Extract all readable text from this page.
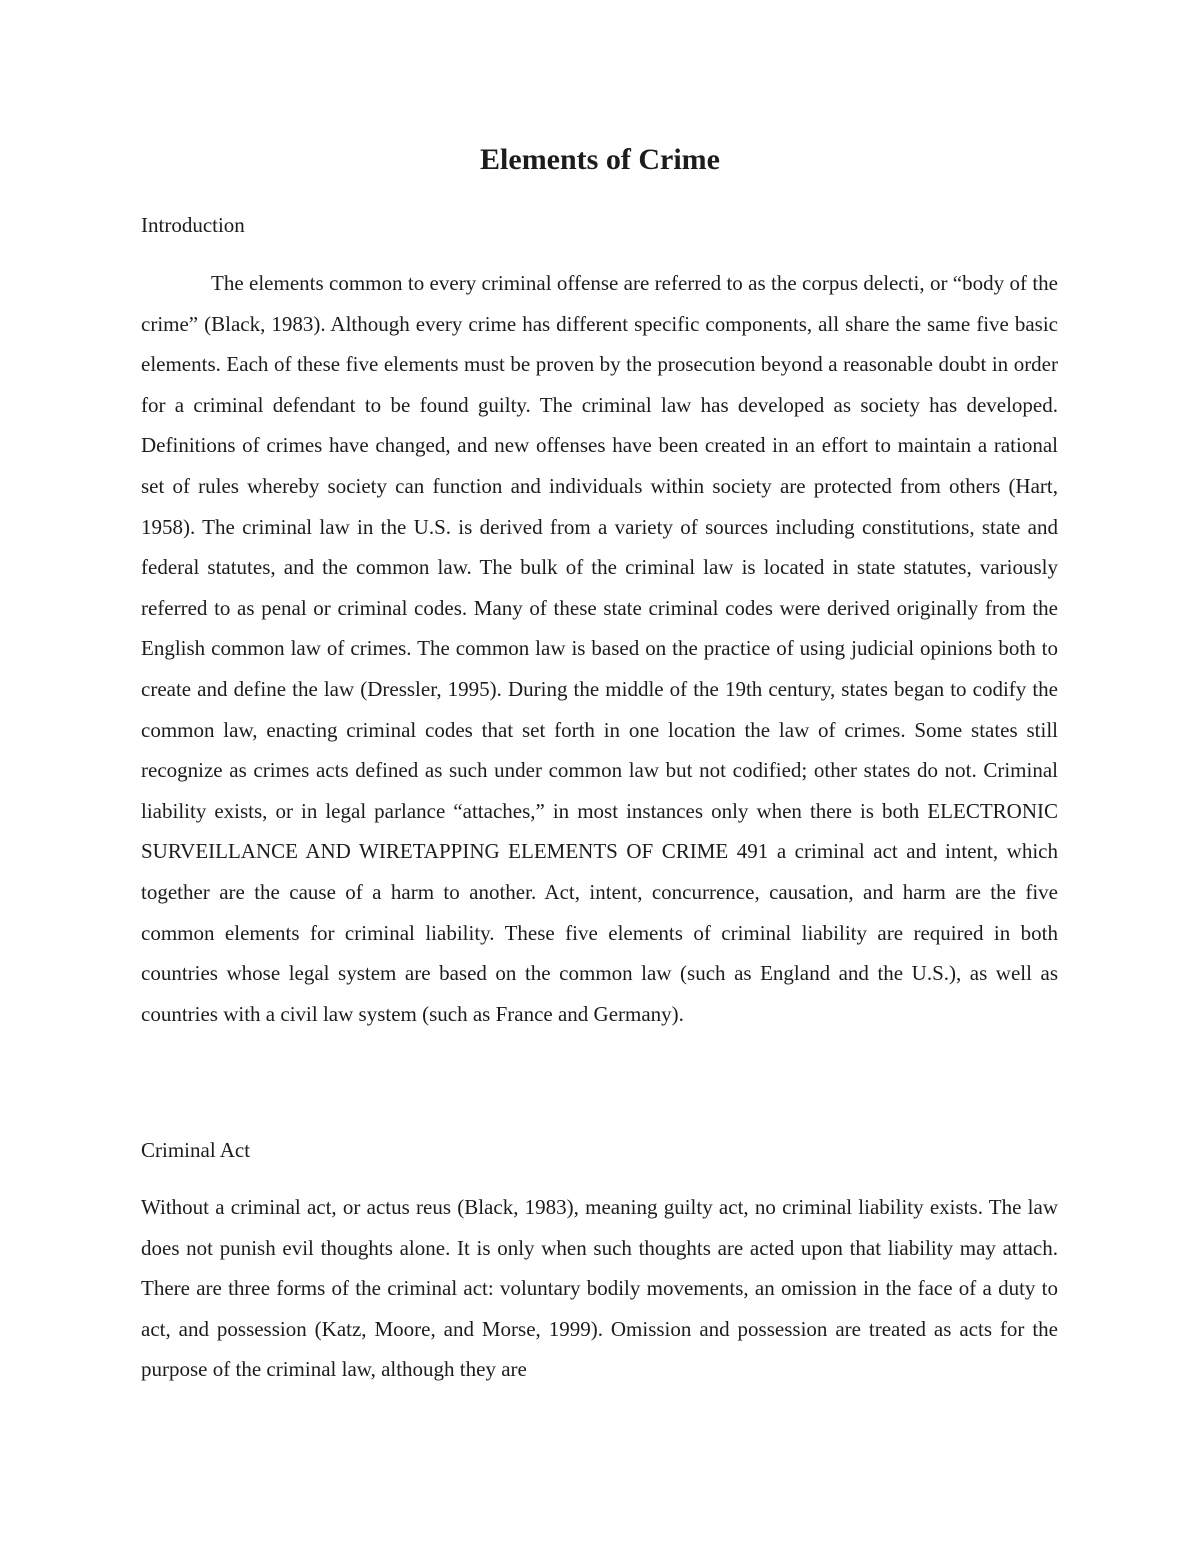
Elements of Crime
Introduction

The elements common to every criminal offense are referred to as the corpus delecti, or “body of the crime” (Black, 1983). Although every crime has different specific components, all share the same five basic elements. Each of these five elements must be proven by the prosecution beyond a reasonable doubt in order for a criminal defendant to be found guilty. The criminal law has developed as society has developed. Definitions of crimes have changed, and new offenses have been created in an effort to maintain a rational set of rules whereby society can function and individuals within society are protected from others (Hart, 1958). The criminal law in the U.S. is derived from a variety of sources including constitutions, state and federal statutes, and the common law. The bulk of the criminal law is located in state statutes, variously referred to as penal or criminal codes. Many of these state criminal codes were derived originally from the English common law of crimes. The common law is based on the practice of using judicial opinions both to create and define the law (Dressler, 1995). During the middle of the 19th century, states began to codify the common law, enacting criminal codes that set forth in one location the law of crimes. Some states still recognize as crimes acts defined as such under common law but not codified; other states do not. Criminal liability exists, or in legal parlance “attaches,” in most instances only when there is both ELECTRONIC SURVEILLANCE AND WIRETAPPING ELEMENTS OF CRIME 491 a criminal act and intent, which together are the cause of a harm to another. Act, intent, concurrence, causation, and harm are the five common elements for criminal liability. These five elements of criminal liability are required in both countries whose legal system are based on the common law (such as England and the U.S.), as well as countries with a civil law system (such as France and Germany).

Criminal Act

Without a criminal act, or actus reus (Black, 1983), meaning guilty act, no criminal liability exists. The law does not punish evil thoughts alone. It is only when such thoughts are acted upon that liability may attach. There are three forms of the criminal act: voluntary bodily movements, an omission in the face of a duty to act, and possession (Katz, Moore, and Morse, 1999). Omission and possession are treated as acts for the purpose of the criminal law, although they are
